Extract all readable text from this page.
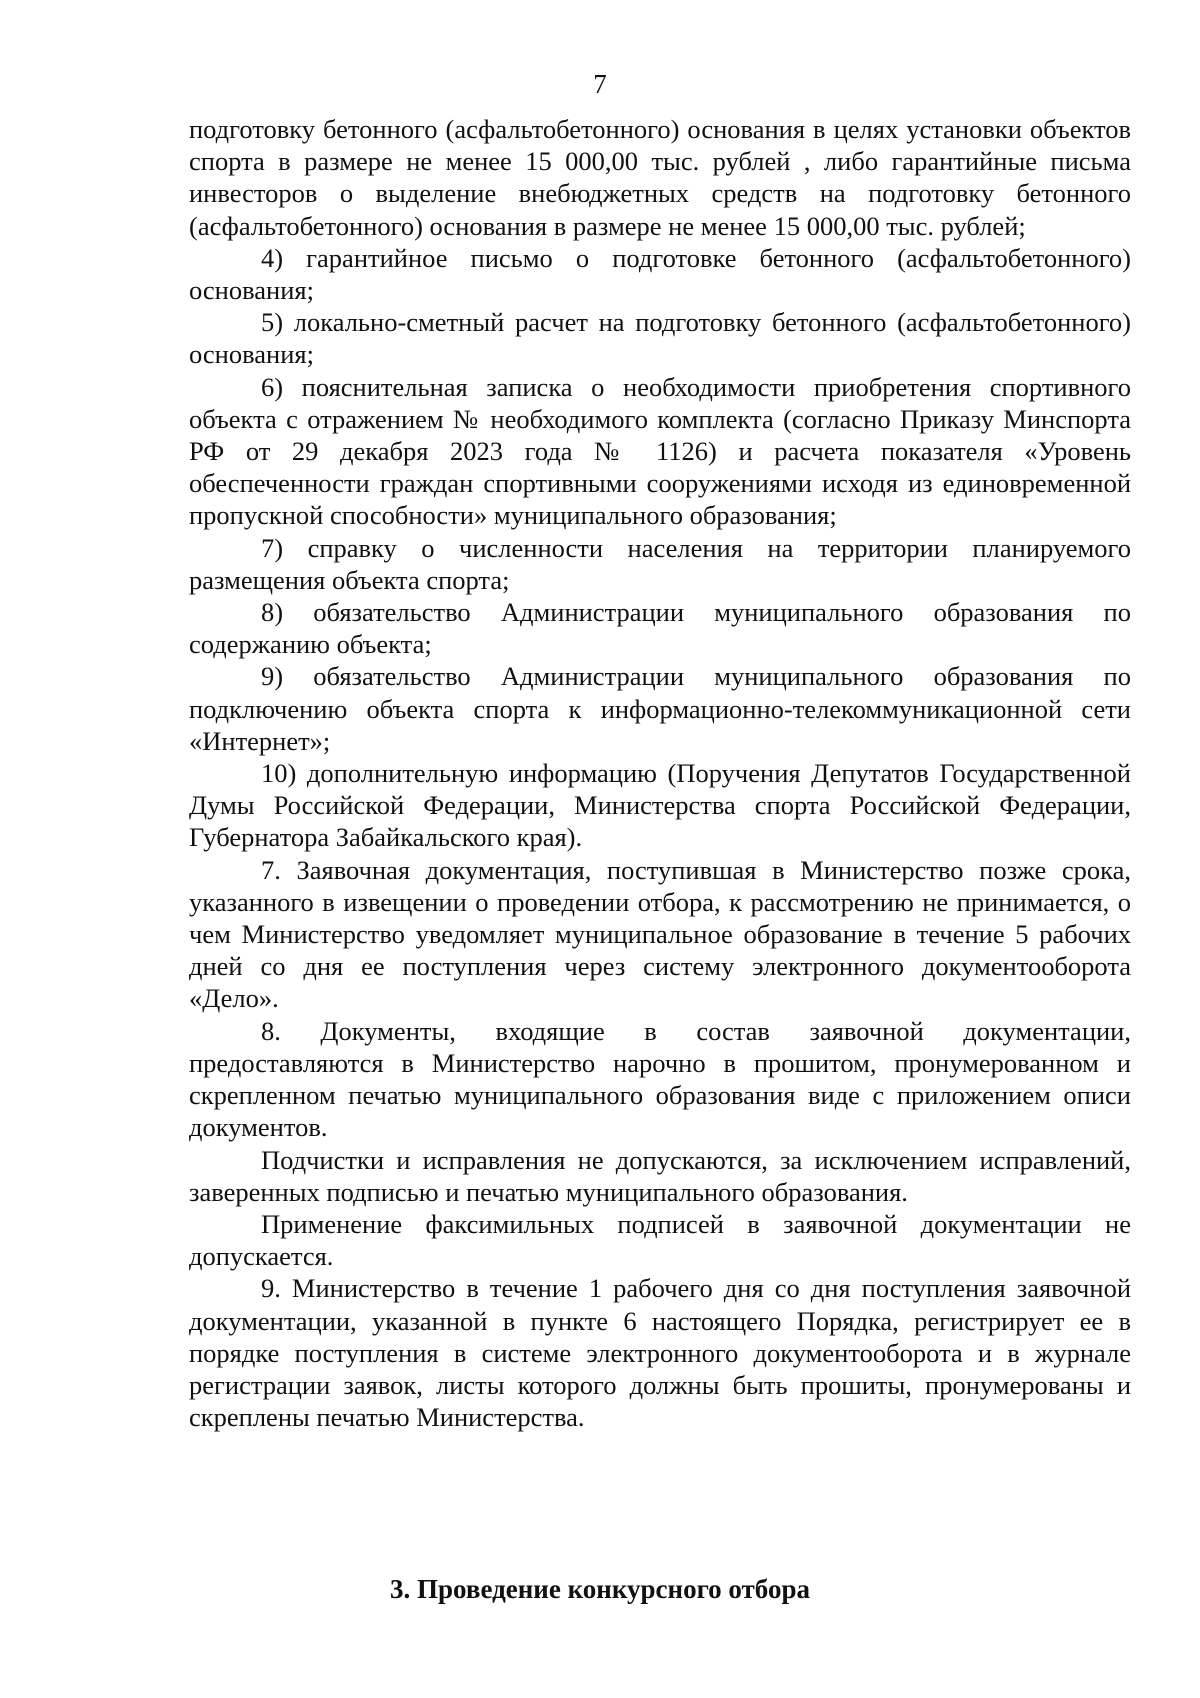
7

подготовку бетонного (асфальтобетонного) основания в целях установки объектов спорта в размере не менее 15 000,00 тыс. рублей , либо гарантийные письма инвесторов о выделение внебюджетных средств на подготовку бетонного (асфальтобетонного) основания в размере не менее 15 000,00 тыс. рублей;

4) гарантийное письмо о подготовке бетонного (асфальтобетонного) основания;

5) локально-сметный расчет на подготовку бетонного (асфальтобетонного) основания;

6) пояснительная записка о необходимости приобретения спортивного объекта с отражением № необходимого комплекта (согласно Приказу Минспорта РФ от 29 декабря 2023 года № 1126) и расчета показателя «Уровень обеспеченности граждан спортивными сооружениями исходя из единовременной пропускной способности» муниципального образования;

7) справку о численности населения на территории планируемого размещения объекта спорта;

8) обязательство Администрации муниципального образования по содержанию объекта;

9) обязательство Администрации муниципального образования по подключению объекта спорта к информационно-телекоммуникационной сети «Интернет»;

10) дополнительную информацию (Поручения Депутатов Государственной Думы Российской Федерации, Министерства спорта Российской Федерации, Губернатора Забайкальского края).

7. Заявочная документация, поступившая в Министерство позже срока, указанного в извещении о проведении отбора, к рассмотрению не принимается, о чем Министерство уведомляет муниципальное образование в течение 5 рабочих дней со дня ее поступления через систему электронного документооборота «Дело».

8. Документы, входящие в состав заявочной документации, предоставляются в Министерство нарочно в прошитом, пронумерованном и скрепленном печатью муниципального образования виде с приложением описи документов.

Подчистки и исправления не допускаются, за исключением исправлений, заверенных подписью и печатью муниципального образования.

Применение факсимильных подписей в заявочной документации не допускается.

9. Министерство в течение 1 рабочего дня со дня поступления заявочной документации, указанной в пункте 6 настоящего Порядка, регистрирует ее в порядке поступления в системе электронного документооборота и в журнале регистрации заявок, листы которого должны быть прошиты, пронумерованы и скреплены печатью Министерства.

3. Проведение конкурсного отбора
